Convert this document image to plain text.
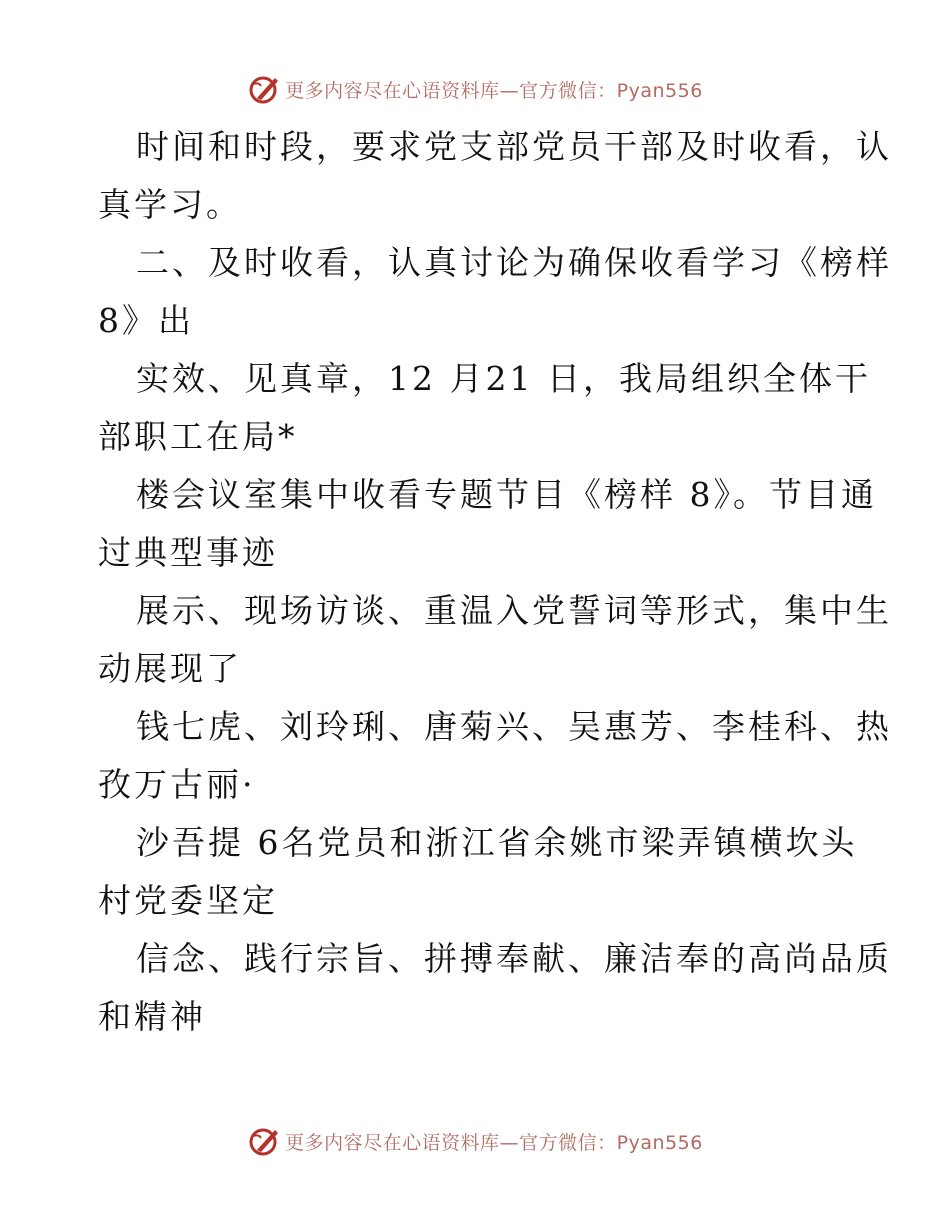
更多内容尽在心语资料库—官方微信：Pyan556
时间和时段，要求党支部党员干部及时收看，认
真学习。
二、及时收看，认真讨论为确保收看学习《榜样
8》出
实效、见真章，12 月21 日，我局组织全体干
部职工在局*
楼会议室集中收看专题节目《榜样 8》。节目通
过典型事迹
展示、现场访谈、重温入党誓词等形式，集中生
动展现了
钱七虎、刘玲琍、唐菊兴、吴惠芳、李桂科、热
孜万古丽·
沙吾提 6名党员和浙江省余姚市梁弄镇横坎头
村党委坚定
信念、践行宗旨、拼搏奉献、廉洁奉的高尚品质
和精神
更多内容尽在心语资料库—官方微信：Pyan556
